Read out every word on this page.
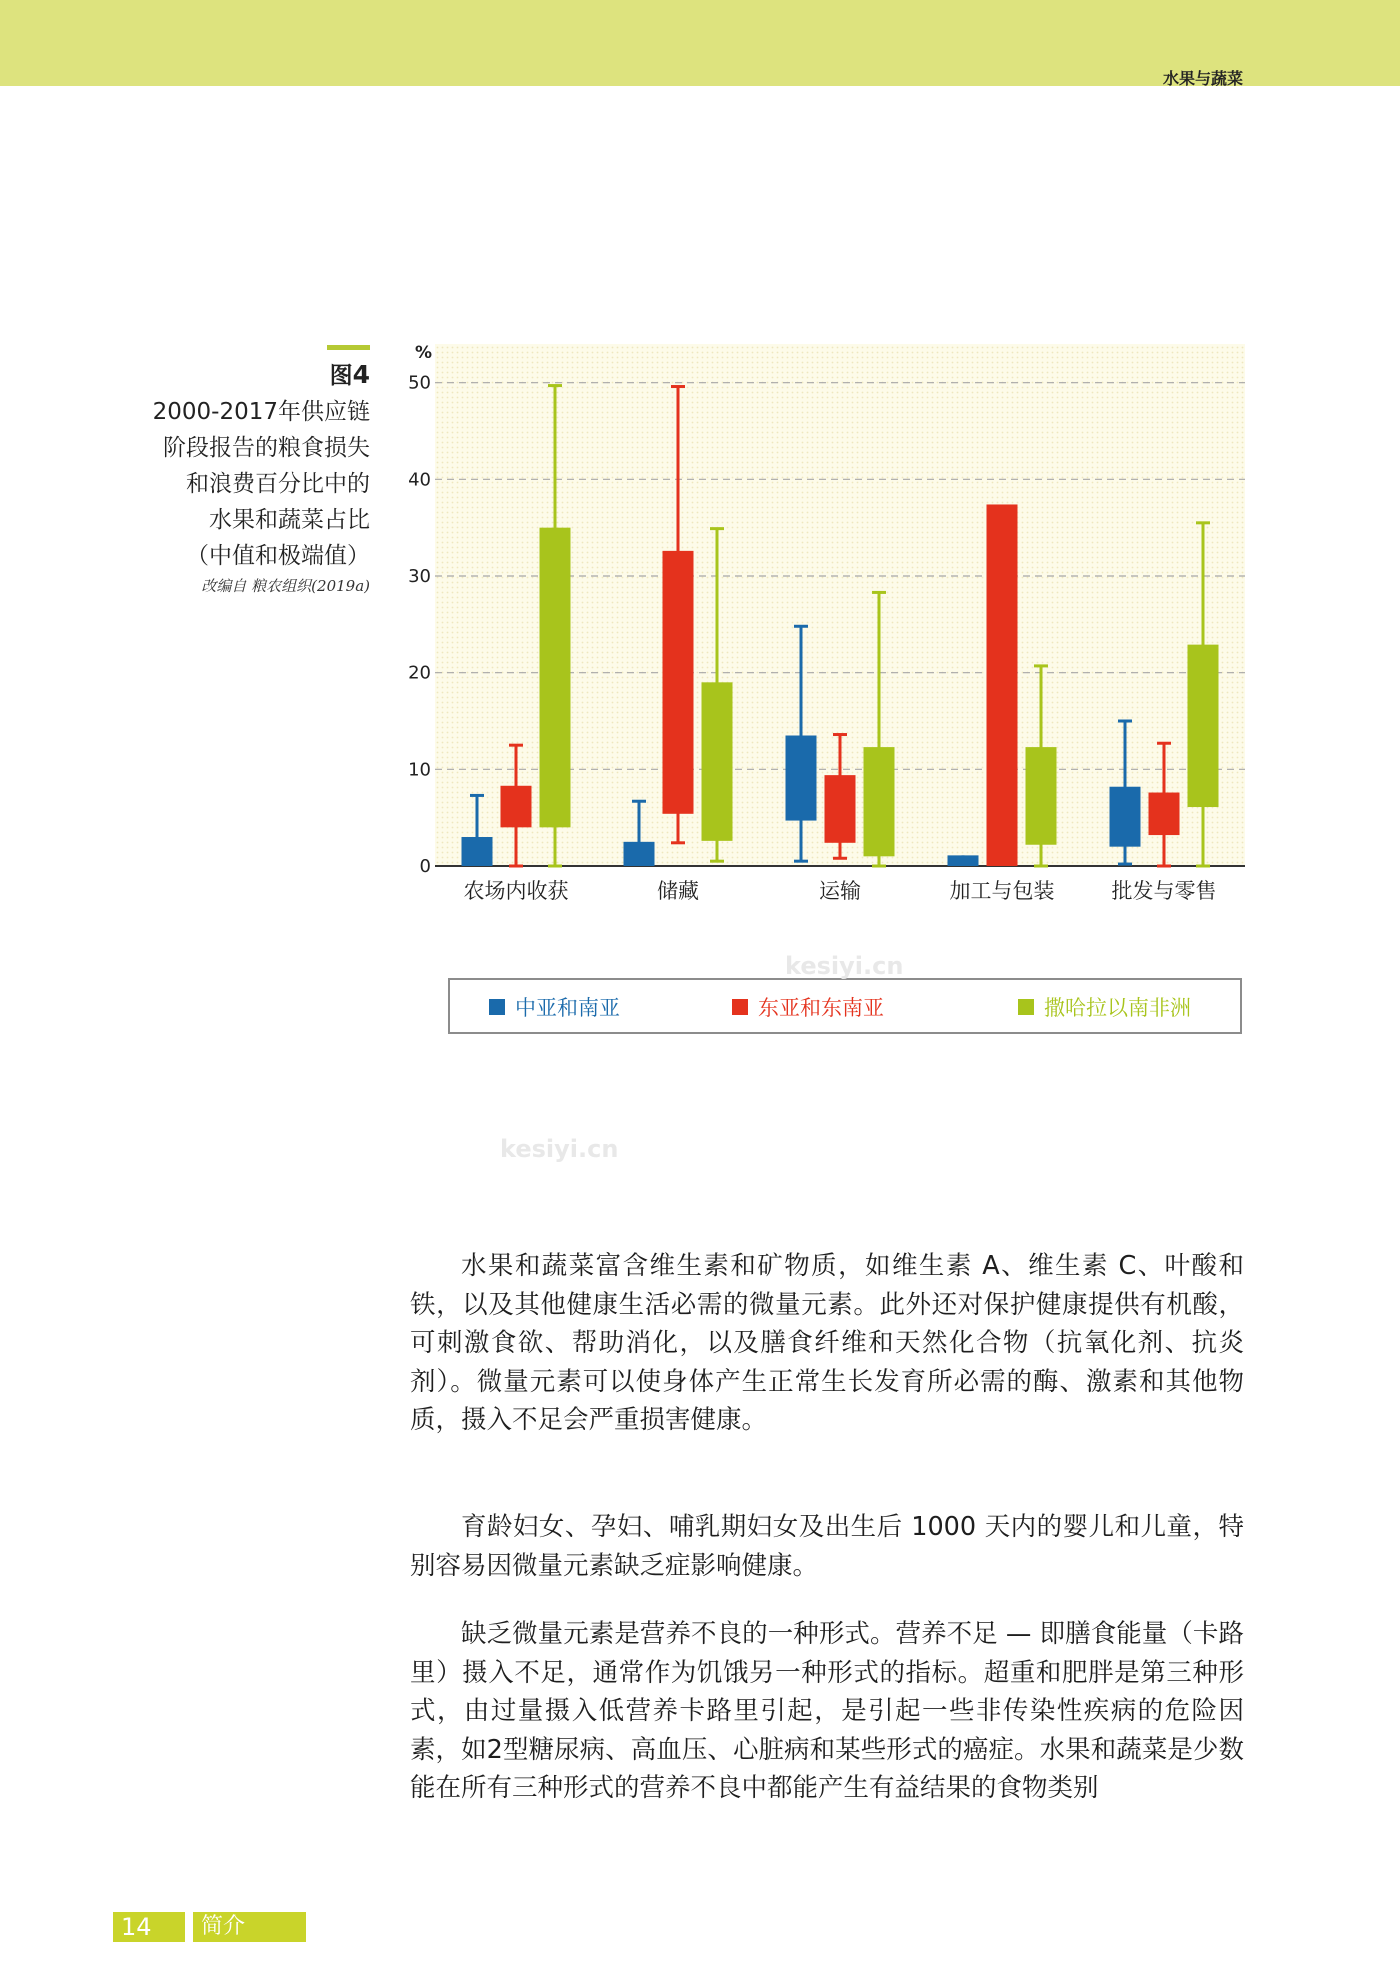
水果与蔬菜
图4
2000-2017年供应链
阶段报告的粮食损失
和浪费百分比中的
水果和蔬菜占比
（中值和极端值）
改编自 粮农组织(2019a)
%
0
10
20
30
40
50
农场内收获	储藏	运输	加工与包装	批发与零售
中亚和南亚	东亚和东南亚	撒哈拉以南非洲
kesiyi.cn
kesiyi.cn

水果和蔬菜富含维生素和矿物质，如维生素 A、维生素 C、叶酸和铁，以及其他健康生活必需的微量元素。此外还对保护健康提供有机酸，可刺激食欲、帮助消化，以及膳食纤维和天然化合物（抗氧化剂、抗炎剂）。微量元素可以使身体产生正常生长发育所必需的酶、激素和其他物质，摄入不足会严重损害健康。

育龄妇女、孕妇、哺乳期妇女及出生后 1000 天内的婴儿和儿童，特别容易因微量元素缺乏症影响健康。

缺乏微量元素是营养不良的一种形式。营养不足 — 即膳食能量（卡路里）摄入不足，通常作为饥饿另一种形式的指标。超重和肥胖是第三种形式，由过量摄入低营养卡路里引起，是引起一些非传染性疾病的危险因素，如2型糖尿病、高血压、心脏病和某些形式的癌症。水果和蔬菜是少数能在所有三种形式的营养不良中都能产生有益结果的食物类别

14	简介
